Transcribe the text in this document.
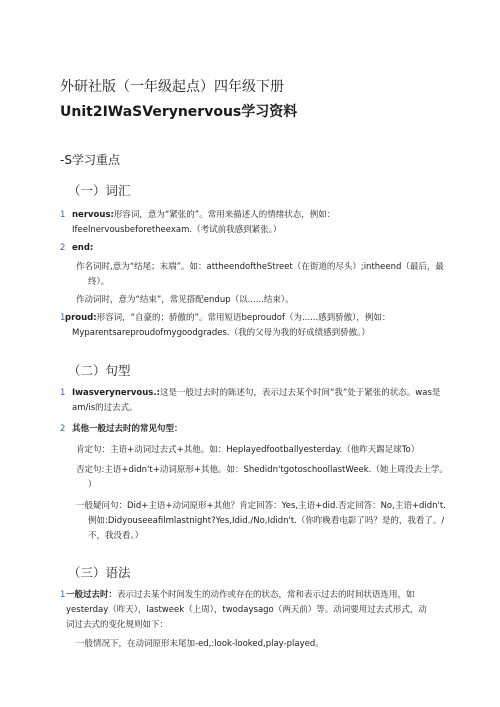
外研社版（一年级起点）四年级下册
Unit2IWaSVerynervous学习资料
-S学习重点
（一）词汇
1 nervous:形容词，意为“紧张的”。常用来描述人的情绪状态，例如：
Ifeelnervousbeforetheexam.（考试前我感到紧张。）
2 end:
作名词时,意为“结尾；末端”。如：attheendoftheStreet（在街道的尽头）;intheend（最后，最
终）。
作动词时，意为“结束”，常见搭配endup（以......结束）。
1 proud:形容词，“自豪的；骄傲的”。常用短语beproudof（为......感到骄傲），例如：
Myparentsareproudofmygoodgrades.（我的父母为我的好成绩感到骄傲。）
（二）句型
1 Iwasverynervous.:这是一般过去时的陈述句，表示过去某个时间“我”处于紧张的状态。was是
am/is的过去式。
2 其他一般过去时的常见句型：
肯定句：主语+动词过去式+其他。如：Heplayedfootballyesterday.（他昨天踢足球To）
否定句:主语+didn't+动词原形+其他。如：Shedidn'tgotoschoollastWeek.（她上周没去上学。
）
一般疑问句：Did+主语+动词原形+其他？肯定回答：Yes,主语+did.否定回答：No,主语+didn't.
例如:Didyouseeafilmlastnight?Yes,Idid./No,Ididn't.（你昨晚看电影了吗？是的，我看了。/
不，我没看。）
（三）语法
1 一般过去时：表示过去某个时间发生的动作或存在的状态，常和表示过去的时间状语连用，如
yesterday（昨天），lastweek（上周），twodaysago（两天前）等。动词要用过去式形式，动
词过去式的变化规则如下：
一般情况下，在动词原形末尾加-ed,:look-looked,play-played。
